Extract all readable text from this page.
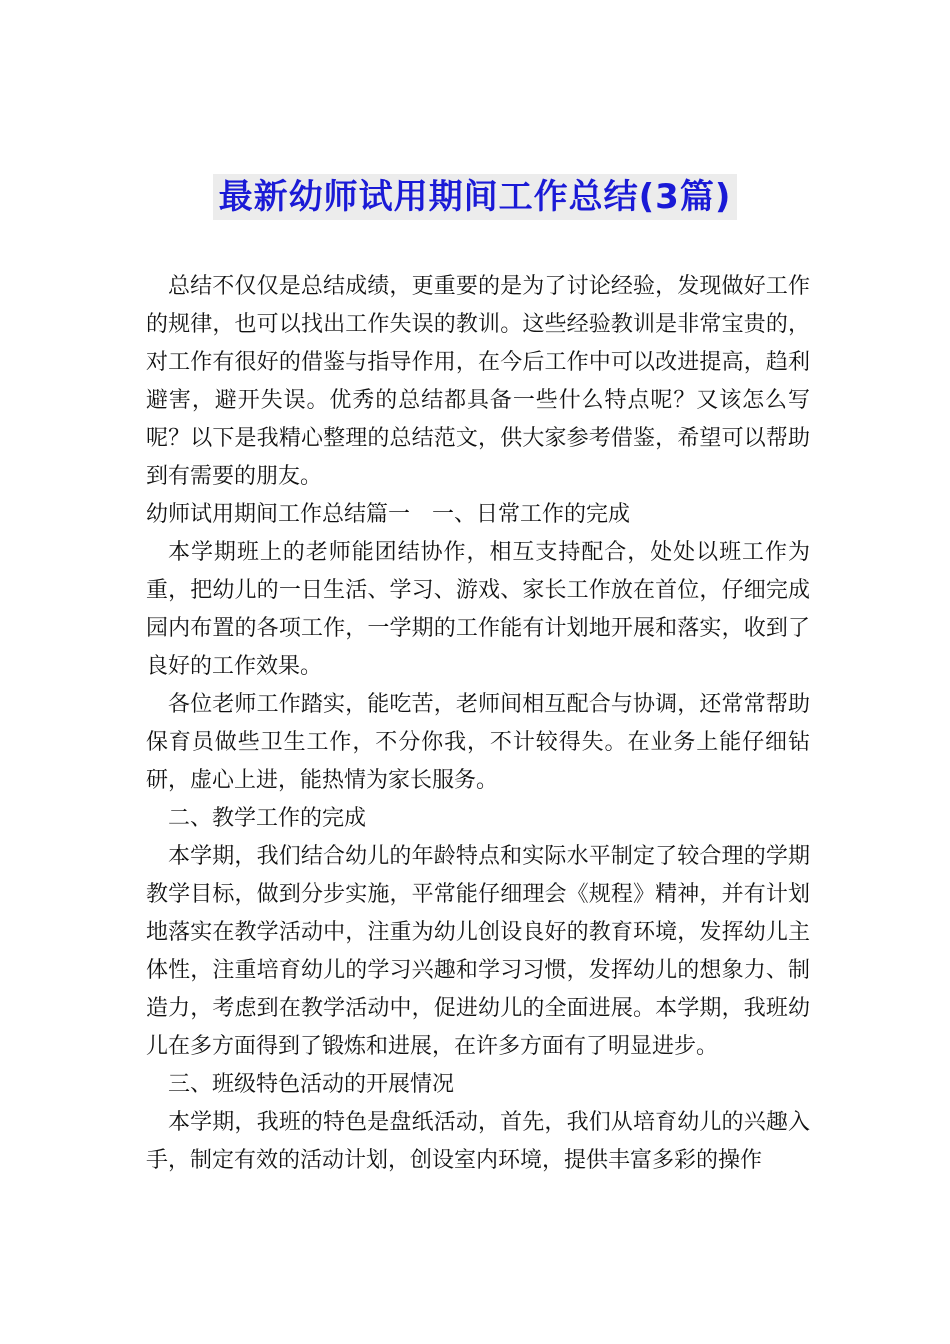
最新幼师试用期间工作总结(3篇)

总结不仅仅是总结成绩，更重要的是为了讨论经验，发现做好工作的规律，也可以找出工作失误的教训。这些经验教训是非常宝贵的，对工作有很好的借鉴与指导作用，在今后工作中可以改进提高，趋利避害，避开失误。优秀的总结都具备一些什么特点呢？又该怎么写呢？以下是我精心整理的总结范文，供大家参考借鉴，希望可以帮助到有需要的朋友。

幼师试用期间工作总结篇一　一、日常工作的完成

本学期班上的老师能团结协作，相互支持配合，处处以班工作为重，把幼儿的一日生活、学习、游戏、家长工作放在首位，仔细完成园内布置的各项工作，一学期的工作能有计划地开展和落实，收到了良好的工作效果。

各位老师工作踏实，能吃苦，老师间相互配合与协调，还常常帮助保育员做些卫生工作，不分你我，不计较得失。在业务上能仔细钻研，虚心上进，能热情为家长服务。

二、教学工作的完成

本学期，我们结合幼儿的年龄特点和实际水平制定了较合理的学期教学目标，做到分步实施，平常能仔细理会《规程》精神，并有计划地落实在教学活动中，注重为幼儿创设良好的教育环境，发挥幼儿主体性，注重培育幼儿的学习兴趣和学习习惯，发挥幼儿的想象力、制造力，考虑到在教学活动中，促进幼儿的全面进展。本学期，我班幼儿在多方面得到了锻炼和进展，在许多方面有了明显进步。

三、班级特色活动的开展情况

本学期，我班的特色是盘纸活动，首先，我们从培育幼儿的兴趣入手，制定有效的活动计划，创设室内环境，提供丰富多彩的操作
